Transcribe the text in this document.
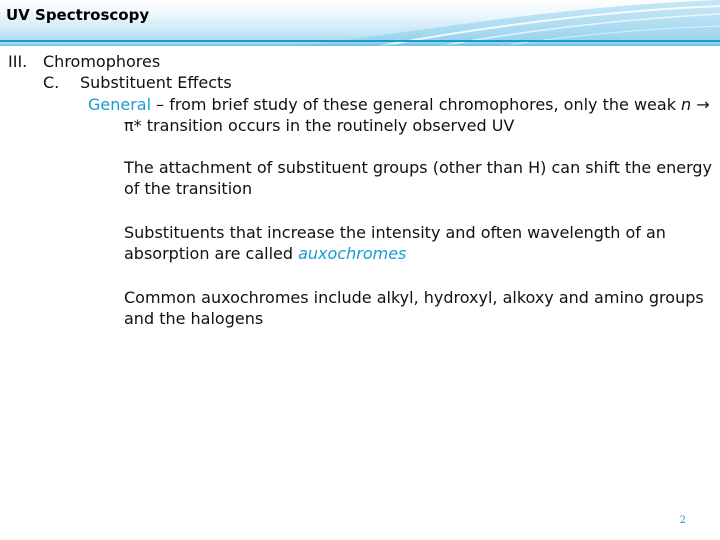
UV Spectroscopy
III. Chromophores
C. Substituent Effects
General – from brief study of these general chromophores, only the weak n →
π* transition occurs in the routinely observed UV
The attachment of substituent groups (other than H) can shift the energy
of the transition
Substituents that increase the intensity and often wavelength of an
absorption are called auxochromes
Common auxochromes include alkyl, hydroxyl, alkoxy and amino groups
and the halogens
2
